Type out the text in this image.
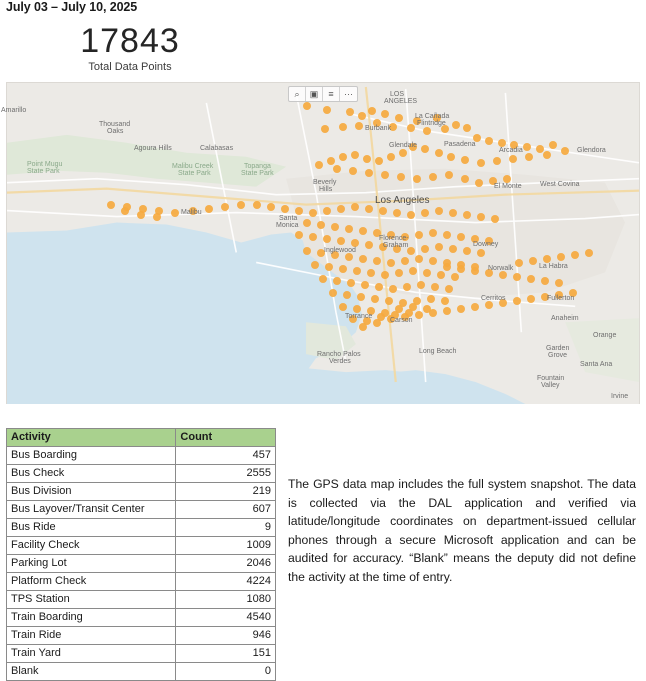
July 03 – July 10, 2025
17843
Total Data Points
⌕ ▣ ≡ ···
Amarillo
LOS
ANGELES
Thousand
Oaks	Burbank
La Cañada
Flintridge
Agoura Hills	Calabasas	Glendale	Pasadena
Arcadia	Glendora
Point Mugu
State Park
Malibu Creek
State Park
Topanga
State Park
El Monte	West Covina
Beverly
Hills
Los Angeles
Malibu
Santa
Monica
Florence-
Graham
Inglewood
Downey
La Habra
Norwalk
Cerritos	Fullerton
Torrance
Carson	Anaheim
Orange
Rancho Palos
Verdes
Long Beach	Garden
Grove
Santa Ana
Fountain
Valley
Irvine
Activity	Count
Bus Boarding	457
Bus Check	2555
Bus Division	219
Bus Layover/Transit Center	607
Bus Ride	9
Facility Check	1009
Parking Lot	2046
Platform Check	4224
TPS Station	1080
Train Boarding	4540
Train Ride	946
Train Yard	151
Blank	0
The GPS data map includes the full system snapshot. The data is collected via the DAL application and verified via latitude/longitude coordinates on department-issued cellular phones through a secure Microsoft application and can be audited for accuracy. “Blank” means the deputy did not define the activity at the time of entry.
